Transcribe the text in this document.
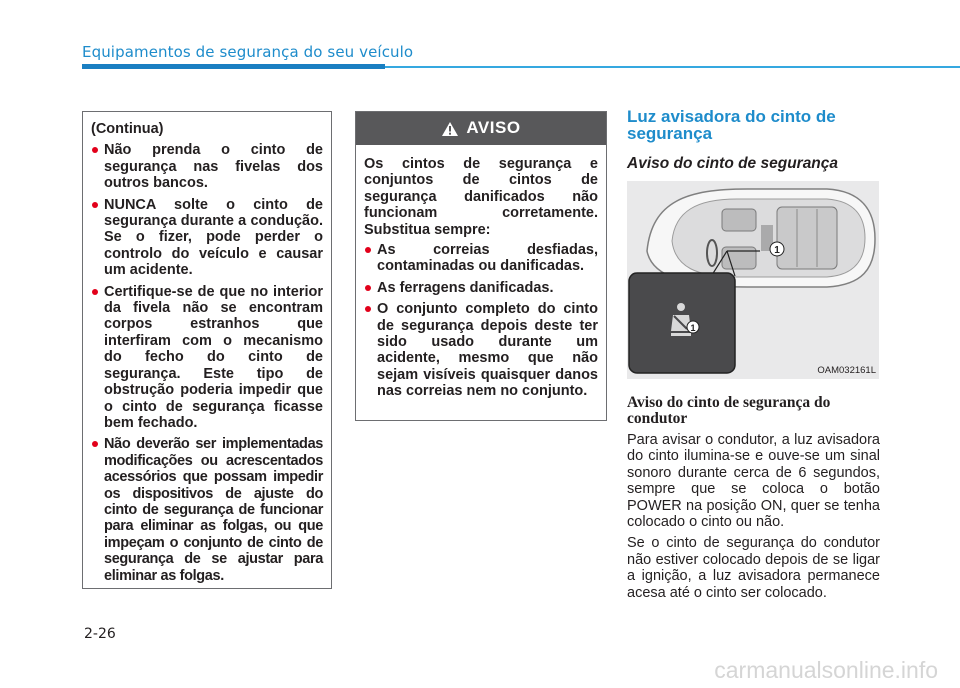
Equipamentos de segurança do seu veículo
(Continua)
Não prenda o cinto de segurança nas fivelas dos outros bancos.
NUNCA solte o cinto de segurança durante a condução. Se o fizer, pode perder o controlo do veículo e causar um acidente.
Certifique-se de que no interior da fivela não se encontram corpos estranhos que interfiram com o mecanismo do fecho do cinto de segurança. Este tipo de obstrução poderia impedir que o cinto de segurança ficasse bem fechado.
Não deverão ser implementadas modificações ou acrescentados acessórios que possam impedir os dispositivos de ajuste do cinto de segurança de funcionar para eliminar as folgas, ou que impeçam o conjunto de cinto de segurança de se ajustar para eliminar as folgas.
AVISO
Os cintos de segurança e conjuntos de cintos de segurança danificados não funcionam corretamente. Substitua sempre:
As correias desfiadas, contaminadas ou danificadas.
As ferragens danificadas.
O conjunto completo do cinto de segurança depois deste ter sido usado durante um acidente, mesmo que não sejam visíveis quaisquer danos nas correias nem no conjunto.
Luz avisadora do cinto de segurança
Aviso do cinto de segurança
1
1
OAM032161L
Aviso do cinto de segurança do condutor
Para avisar o condutor, a luz avisadora do cinto ilumina-se e ouve-se um sinal sonoro durante cerca de 6 segundos, sempre que se coloca o botão POWER na posição ON, quer se tenha colocado o cinto ou não.
Se o cinto de segurança do condutor não estiver colocado depois de se ligar a ignição, a luz avisadora permanece acesa até o cinto ser colocado.
2-26
carmanualsonline.info
